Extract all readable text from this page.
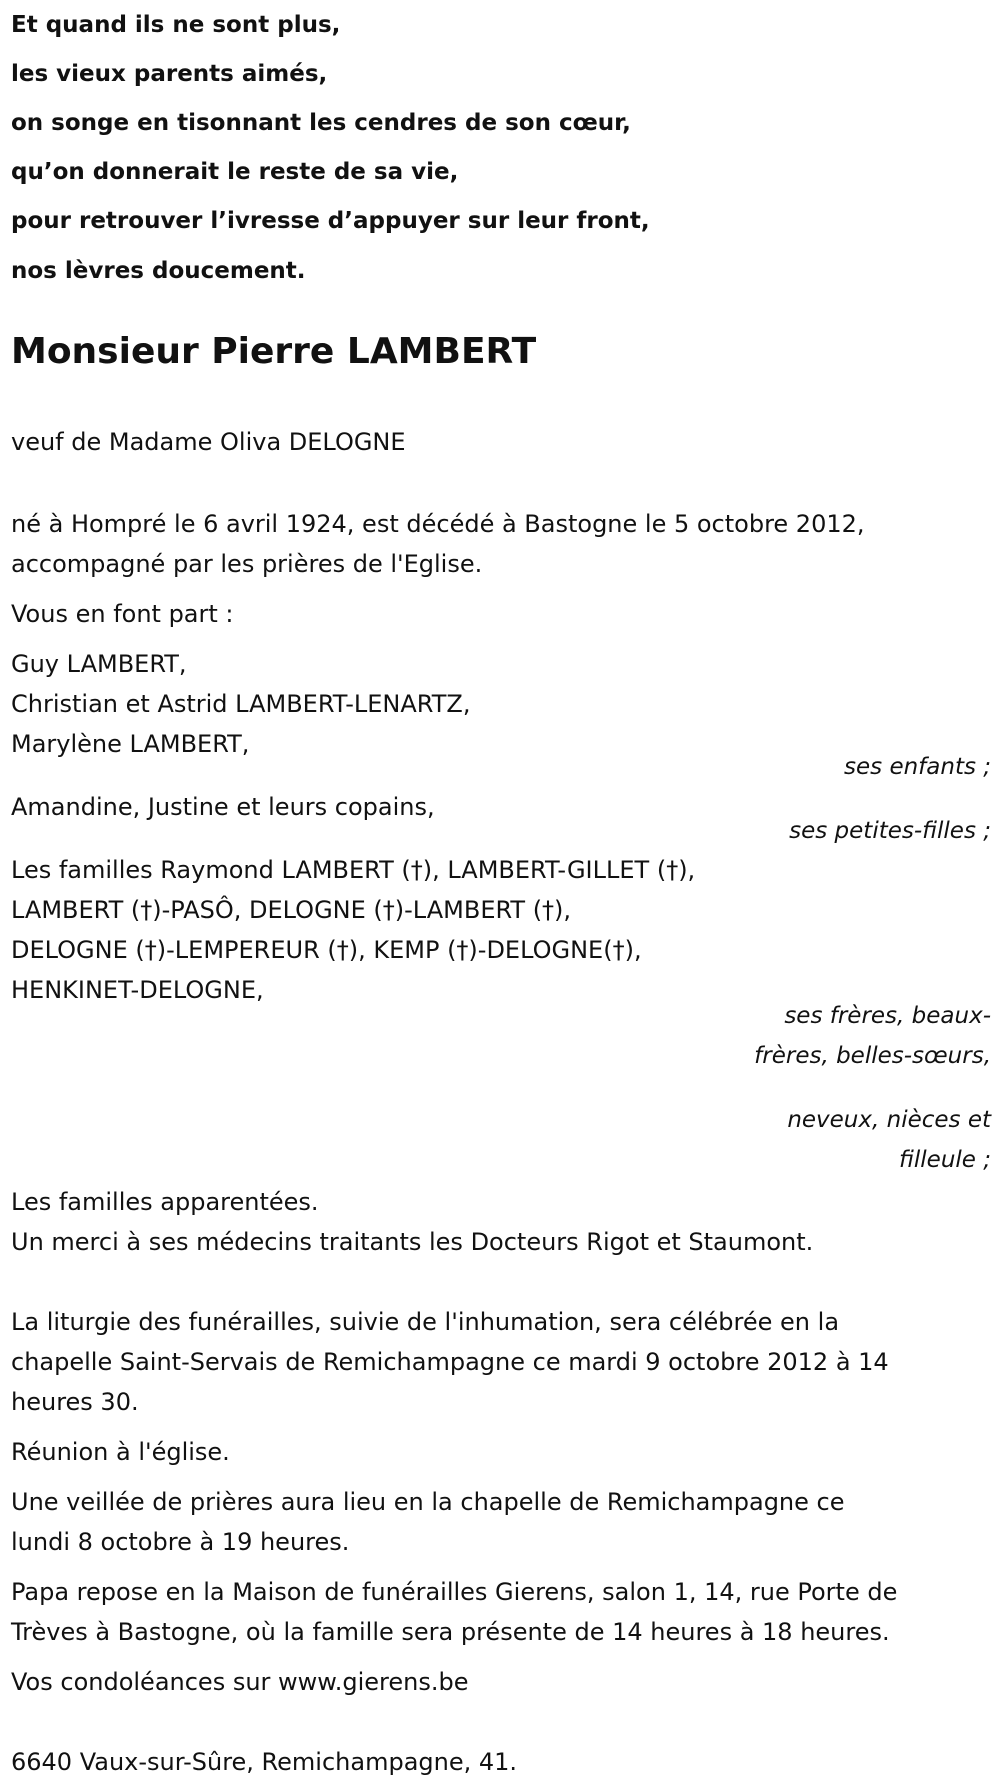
Et quand ils ne sont plus,
les vieux parents aimés,
on songe en tisonnant les cendres de son cœur,
qu’on donnerait le reste de sa vie,
pour retrouver l’ivresse d’appuyer sur leur front,
nos lèvres doucement.
Monsieur Pierre LAMBERT
veuf de Madame Oliva DELOGNE
né à Hompré le 6 avril 1924, est décédé à Bastogne le 5 octobre 2012,
accompagné par les prières de l'Eglise.
Vous en font part :
Guy LAMBERT,
Christian et Astrid LAMBERT-LENARTZ,
Marylène LAMBERT,
ses enfants ;
Amandine, Justine et leurs copains,
ses petites-filles ;
Les familles Raymond LAMBERT (†), LAMBERT-GILLET (†),
LAMBERT (†)-PASÔ, DELOGNE (†)-LAMBERT (†),
DELOGNE (†)-LEMPEREUR (†), KEMP (†)-DELOGNE(†),
HENKINET-DELOGNE,
ses frères, beaux-frères, belles-sœurs,
neveux, nièces et filleule ;
Les familles apparentées.
Un merci à ses médecins traitants les Docteurs Rigot et Staumont.
La liturgie des funérailles, suivie de l'inhumation, sera célébrée en la
chapelle Saint-Servais de Remichampagne ce mardi 9 octobre 2012 à 14
heures 30.
Réunion à l'église.
Une veillée de prières aura lieu en la chapelle de Remichampagne ce
lundi 8 octobre à 19 heures.
Papa repose en la Maison de funérailles Gierens, salon 1, 14, rue Porte de
Trèves à Bastogne, où la famille sera présente de 14 heures à 18 heures.
Vos condoléances sur www.gierens.be
6640 Vaux-sur-Sûre, Remichampagne, 41.
